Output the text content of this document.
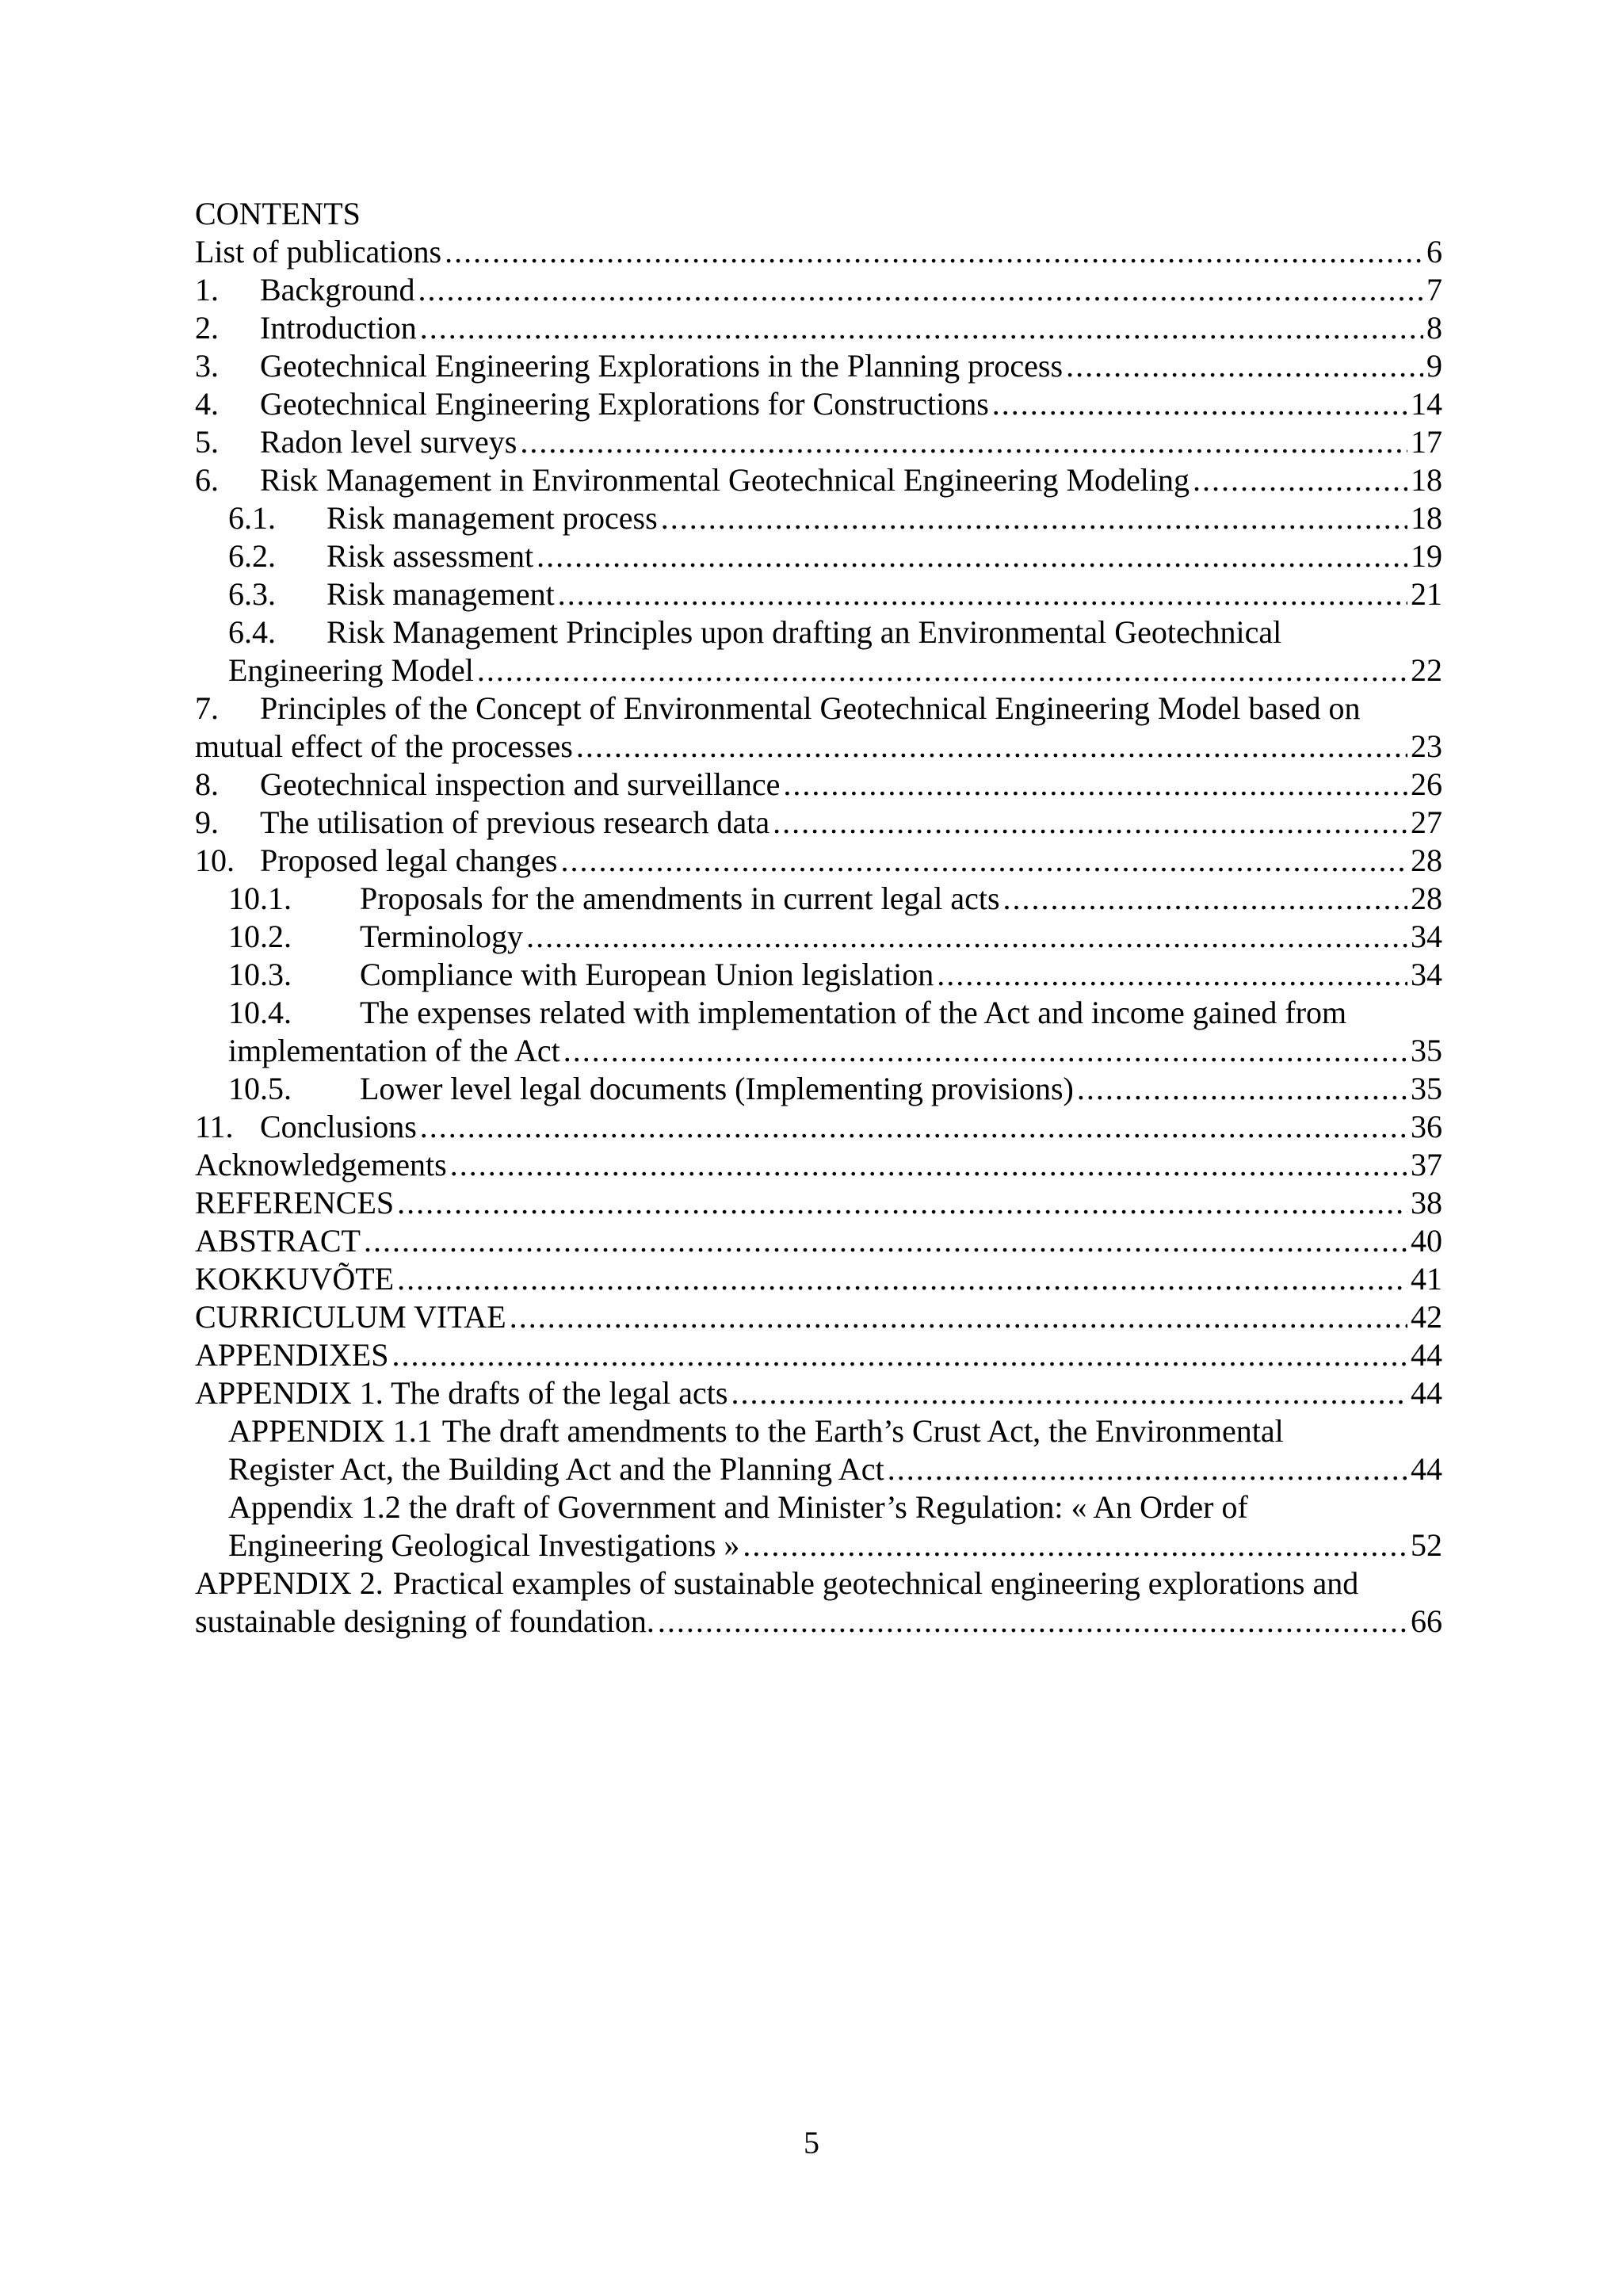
CONTENTS
List of publications .....	6
1. Background .....	7
2. Introduction .....	8
3. Geotechnical Engineering Explorations in the Planning process .....	9
4. Geotechnical Engineering Explorations for Constructions .....	14
5. Radon level surveys .....	17
6. Risk Management in Environmental Geotechnical Engineering Modeling .....	18
6.1. Risk management process .....	18
6.2. Risk assessment .....	19
6.3. Risk management .....	21
6.4. Risk Management Principles upon drafting an Environmental Geotechnical
Engineering Model .....	22
7. Principles of the Concept of Environmental Geotechnical Engineering Model based on
mutual effect of the processes .....	23
8. Geotechnical inspection and surveillance .....	26
9. The utilisation of previous research data .....	27
10. Proposed legal changes .....	28
10.1. Proposals for the amendments in current legal acts .....	28
10.2. Terminology .....	34
10.3. Compliance with European Union legislation .....	34
10.4. The expenses related with implementation of the Act and income gained from
implementation of the Act .....	35
10.5. Lower level legal documents (Implementing provisions) .....	35
11. Conclusions .....	36
Acknowledgements .....	37
REFERENCES .....	38
ABSTRACT .....	40
KOKKUVÕTE .....	41
CURRICULUM VITAE .....	42
APPENDIXES .....	44
APPENDIX 1. The drafts of the legal acts .....	44
APPENDIX 1.1 The draft amendments to the Earth’s Crust Act, the Environmental
Register Act, the Building Act and the Planning Act .....	44
Appendix 1.2 the draft of Government and Minister’s Regulation: « An Order of
Engineering Geological Investigations » .....	52
APPENDIX 2. Practical examples of sustainable geotechnical engineering explorations and
sustainable designing of foundation. .....	66
5
